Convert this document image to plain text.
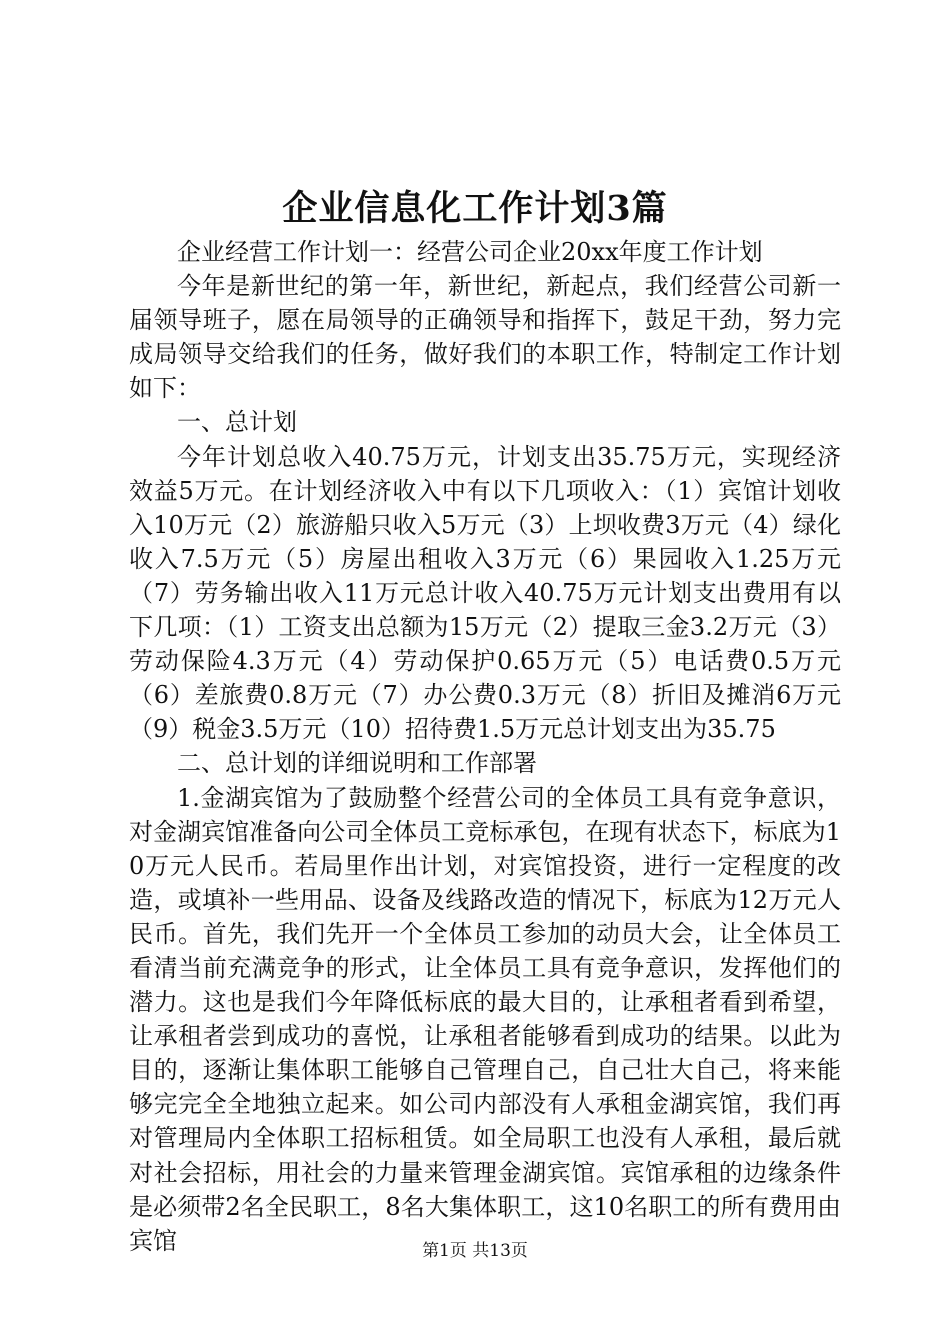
企业信息化工作计划3篇

企业经营工作计划一：经营公司企业20xx年度工作计划

今年是新世纪的第一年，新世纪，新起点，我们经营公司新一届领导班子，愿在局领导的正确领导和指挥下，鼓足干劲，努力完成局领导交给我们的任务，做好我们的本职工作，特制定工作计划如下：

一、总计划

今年计划总收入40.75万元，计划支出35.75万元，实现经济效益5万元。在计划经济收入中有以下几项收入：（1）宾馆计划收入10万元（2）旅游船只收入5万元（3）上坝收费3万元（4）绿化收入7.5万元（5）房屋出租收入3万元（6）果园收入1.25万元（7）劳务输出收入11万元总计收入40.75万元计划支出费用有以下几项：（1）工资支出总额为15万元（2）提取三金3.2万元（3）劳动保险4.3万元（4）劳动保护0.65万元（5）电话费0.5万元（6）差旅费0.8万元（7）办公费0.3万元（8）折旧及摊消6万元（9）税金3.5万元（10）招待费1.5万元总计划支出为35.75

二、总计划的详细说明和工作部署

1.金湖宾馆为了鼓励整个经营公司的全体员工具有竞争意识，对金湖宾馆准备向公司全体员工竞标承包，在现有状态下，标底为10万元人民币。若局里作出计划，对宾馆投资，进行一定程度的改造，或填补一些用品、设备及线路改造的情况下，标底为12万元人民币。首先，我们先开一个全体员工参加的动员大会，让全体员工看清当前充满竞争的形式，让全体员工具有竞争意识，发挥他们的潜力。这也是我们今年降低标底的最大目的，让承租者看到希望，让承租者尝到成功的喜悦，让承租者能够看到成功的结果。以此为目的，逐渐让集体职工能够自己管理自己，自己壮大自己，将来能够完完全全地独立起来。如公司内部没有人承租金湖宾馆，我们再对管理局内全体职工招标租赁。如全局职工也没有人承租，最后就对社会招标，用社会的力量来管理金湖宾馆。宾馆承租的边缘条件是必须带2名全民职工，8名大集体职工，这10名职工的所有费用由宾馆	第1页 共13页
